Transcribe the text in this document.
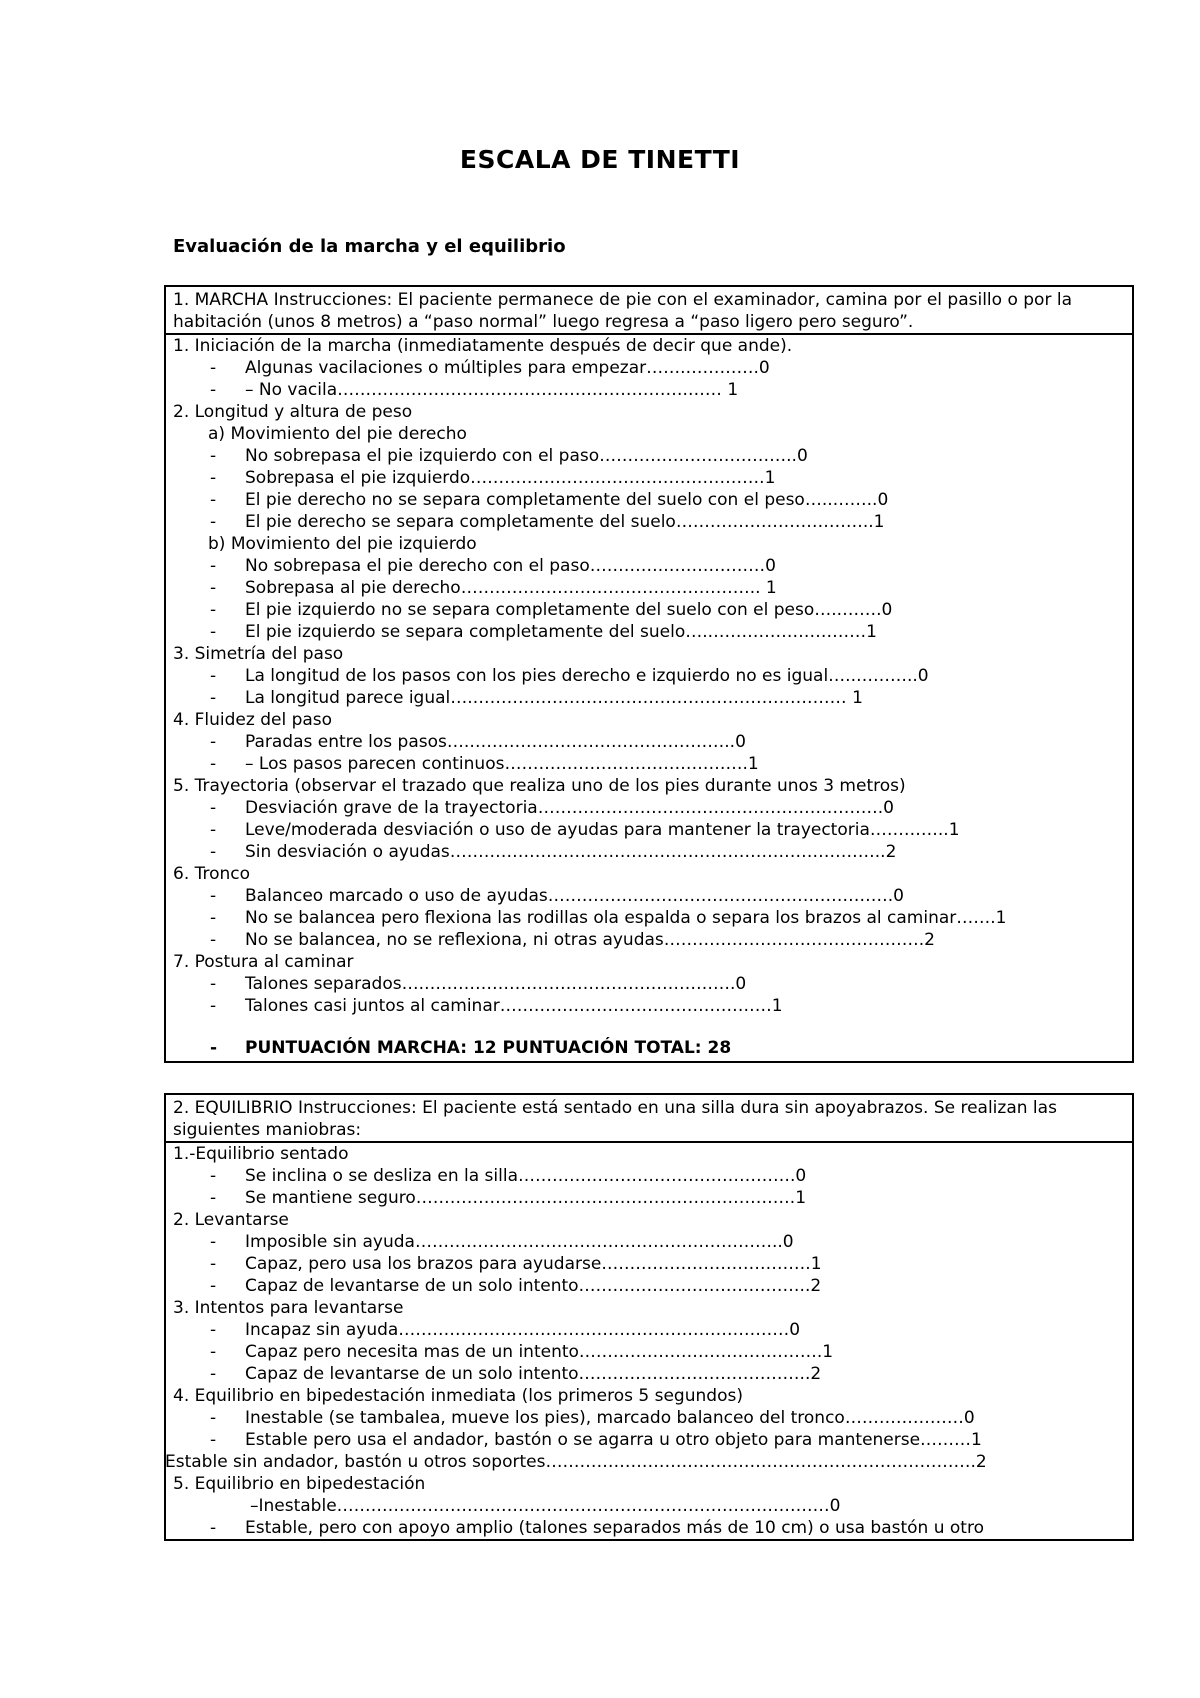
ESCALA DE TINETTI
Evaluación de la marcha y el equilibrio
1. MARCHA Instrucciones: El paciente permanece de pie con el examinador, camina por el pasillo o por la habitación (unos 8 metros) a “paso normal” luego regresa a “paso ligero pero seguro”.
1. Iniciación de la marcha (inmediatamente después de decir que ande).
- Algunas vacilaciones o múltiples para empezar…….………….0
- – No vacila………………………………….………………….…… 1
2. Longitud y altura de peso
a) Movimiento del pie derecho
- No sobrepasa el pie izquierdo con el paso……………………………..0
- Sobrepasa el pie izquierdo…………………………………………….1
- El pie derecho no se separa completamente del suelo con el peso…..……..0
- El pie derecho se separa completamente del suelo……………………………..1
b) Movimiento del pie izquierdo
- No sobrepasa el pie derecho con el paso………….………………0
- Sobrepasa al pie derecho…………………………………………….. 1
- El pie izquierdo no se separa completamente del suelo con el peso…..…….0
- El pie izquierdo se separa completamente del suelo…..………………………1
3. Simetría del paso
- La longitud de los pasos con los pies derecho e izquierdo no es igual…..………..0
- La longitud parece igual….………………………………………………………… 1
4. Fluidez del paso
- Paradas entre los pasos….………………………………………..0
- – Los pasos parecen continuos…………………………………….1
5. Trayectoria (observar el trazado que realiza uno de los pies durante unos 3 metros)
- Desviación grave de la trayectoria…………………………………………………….0
- Leve/moderada desviación o uso de ayudas para mantener la trayectoria…………..1
- Sin desviación o ayudas…………………………………………………………………..2
6. Tronco
- Balanceo marcado o uso de ayudas…………………………………………………….0
- No se balancea pero flexiona las rodillas ola espalda o separa los brazos al caminar…….1
- No se balancea, no se reflexiona, ni otras ayudas……………………………………….2
7. Postura al caminar
- Talones separados….……………………………………………….0
- Talones casi juntos al caminar…………………………………………1
- PUNTUACIÓN MARCHA: 12 PUNTUACIÓN TOTAL: 28
2. EQUILIBRIO Instrucciones: El paciente está sentado en una silla dura sin apoyabrazos. Se realizan las siguientes maniobras:
1.-Equilibrio sentado
- Se inclina o se desliza en la silla………………………………………….0
- Se mantiene seguro………………………………………………………….1
2. Levantarse
- Imposible sin ayuda………………………………………………………..0
- Capaz, pero usa los brazos para ayudarse……………………………….1
- Capaz de levantarse de un solo intento…………………………………..2
3. Intentos para levantarse
- Incapaz sin ayuda……………………………………………………………0
- Capaz pero necesita mas de un intento…………………………………….1
- Capaz de levantarse de un solo intento…………………………………..2
4. Equilibrio en bipedestación inmediata (los primeros 5 segundos)
- Inestable (se tambalea, mueve los pies), marcado balanceo del tronco…………………0
- Estable pero usa el andador, bastón o se agarra u otro objeto para mantenerse………1
Estable sin andador, bastón u otros soportes………………………………………………………………….2
5. Equilibrio en bipedestación
–Inestable……………………………………………………………………………0
- Estable, pero con apoyo amplio (talones separados más de 10 cm) o usa bastón u otro
